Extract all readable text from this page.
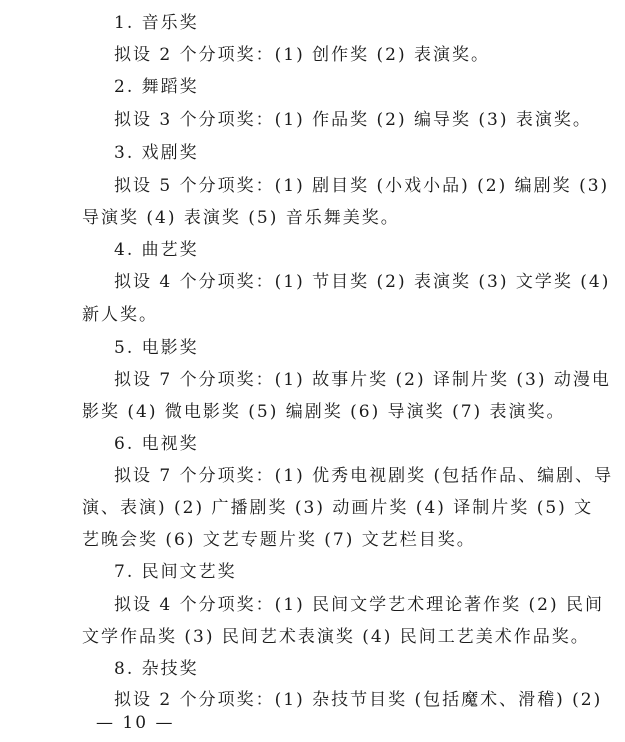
1. 音乐奖
拟设 2 个分项奖：(1) 创作奖 (2) 表演奖。
2. 舞蹈奖
拟设 3 个分项奖：(1) 作品奖 (2) 编导奖 (3) 表演奖。
3. 戏剧奖
拟设 5 个分项奖：(1) 剧目奖 (小戏小品) (2) 编剧奖 (3)
导演奖 (4) 表演奖 (5) 音乐舞美奖。
4. 曲艺奖
拟设 4 个分项奖：(1) 节目奖 (2) 表演奖 (3) 文学奖 (4)
新人奖。
5. 电影奖
拟设 7 个分项奖：(1) 故事片奖 (2) 译制片奖 (3) 动漫电
影奖 (4) 微电影奖 (5) 编剧奖 (6) 导演奖 (7) 表演奖。
6. 电视奖
拟设 7 个分项奖：(1) 优秀电视剧奖 (包括作品、编剧、导
演、表演) (2) 广播剧奖 (3) 动画片奖 (4) 译制片奖 (5) 文
艺晚会奖 (6) 文艺专题片奖 (7) 文艺栏目奖。
7. 民间文艺奖
拟设 4 个分项奖：(1) 民间文学艺术理论著作奖 (2) 民间
文学作品奖 (3) 民间艺术表演奖 (4) 民间工艺美术作品奖。
8. 杂技奖
拟设 2 个分项奖：(1) 杂技节目奖 (包括魔术、滑稽) (2)
— 10 —
